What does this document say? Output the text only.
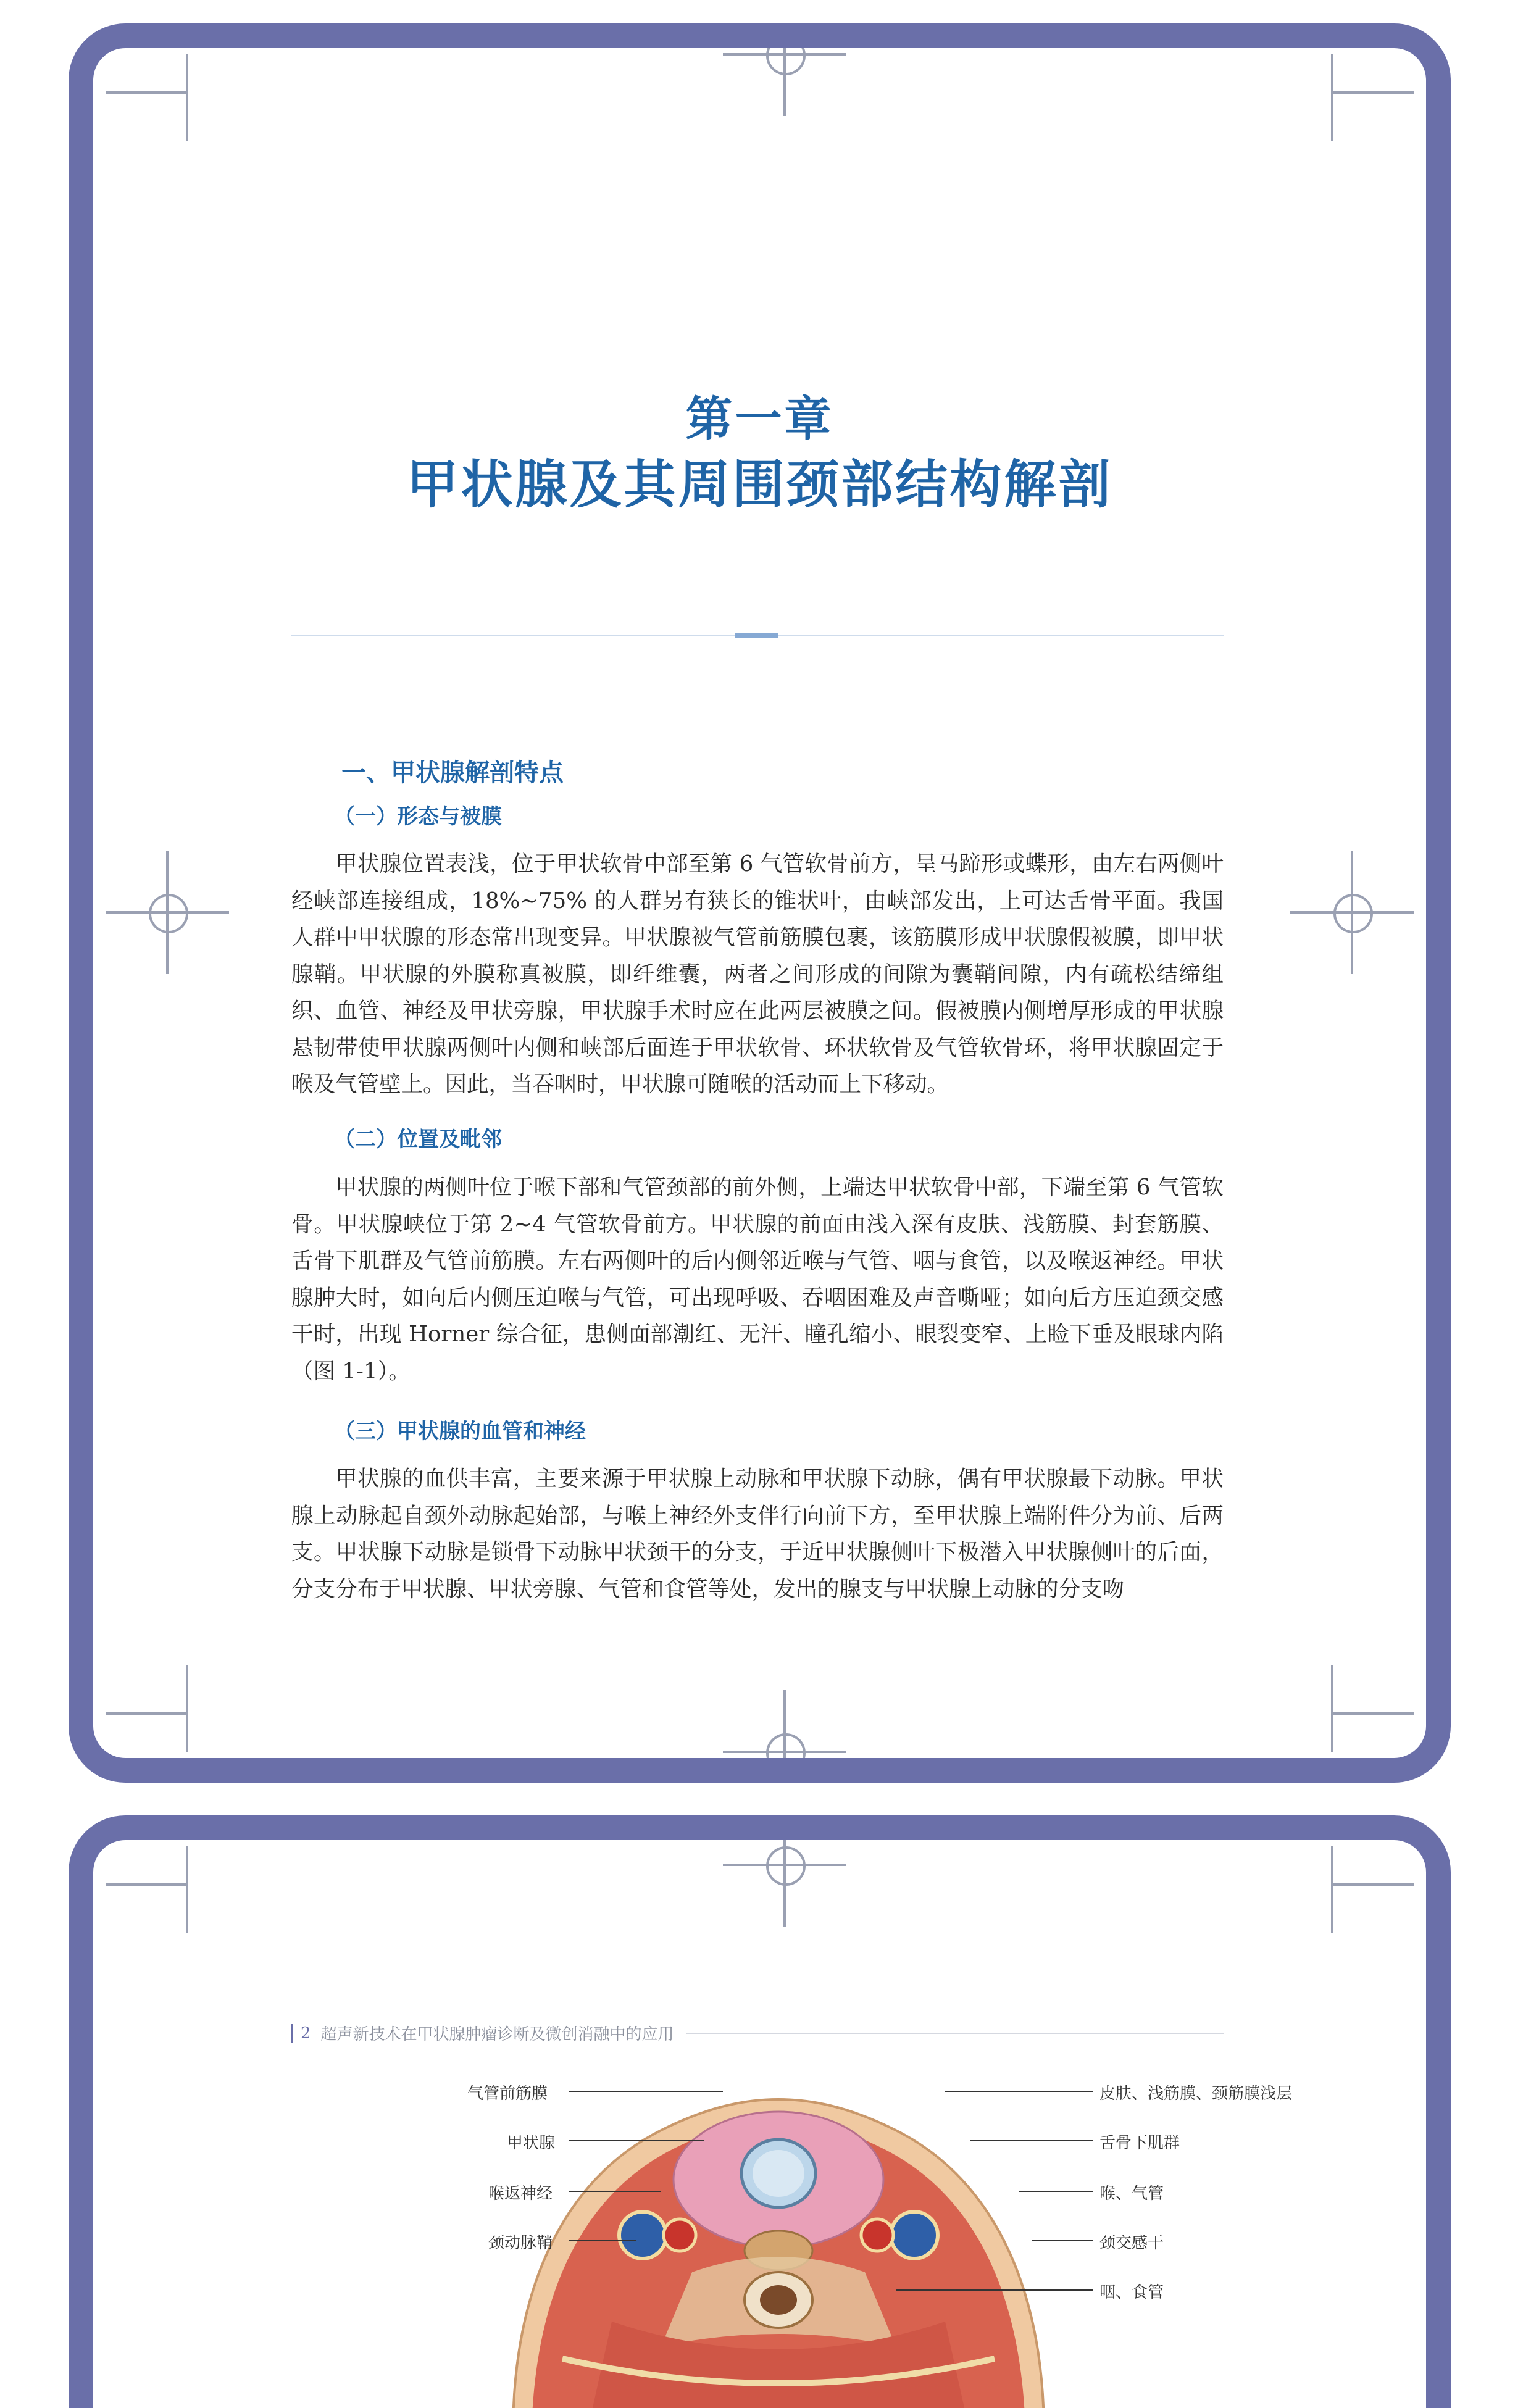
第一章
甲状腺及其周围颈部结构解剖
一、甲状腺解剖特点
（一）形态与被膜

甲状腺位置表浅，位于甲状软骨中部至第 6 气管软骨前方，呈马蹄形或蝶形，由左右两侧叶经峡部连接组成，18%~75% 的人群另有狭长的锥状叶，由峡部发出，上可达舌骨平面。我国人群中甲状腺的形态常出现变异。甲状腺被气管前筋膜包裹，该筋膜形成甲状腺假被膜，即甲状腺鞘。甲状腺的外膜称真被膜，即纤维囊，两者之间形成的间隙为囊鞘间隙，内有疏松结缔组织、血管、神经及甲状旁腺，甲状腺手术时应在此两层被膜之间。假被膜内侧增厚形成的甲状腺悬韧带使甲状腺两侧叶内侧和峡部后面连于甲状软骨、环状软骨及气管软骨环，将甲状腺固定于喉及气管壁上。因此，当吞咽时，甲状腺可随喉的活动而上下移动。

（二）位置及毗邻

甲状腺的两侧叶位于喉下部和气管颈部的前外侧，上端达甲状软骨中部，下端至第 6 气管软骨。甲状腺峡位于第 2~4 气管软骨前方。甲状腺的前面由浅入深有皮肤、浅筋膜、封套筋膜、舌骨下肌群及气管前筋膜。左右两侧叶的后内侧邻近喉与气管、咽与食管，以及喉返神经。甲状腺肿大时，如向后内侧压迫喉与气管，可出现呼吸、吞咽困难及声音嘶哑；如向后方压迫颈交感干时，出现 Horner 综合征，患侧面部潮红、无汗、瞳孔缩小、眼裂变窄、上睑下垂及眼球内陷（图 1-1）。

（三）甲状腺的血管和神经

甲状腺的血供丰富，主要来源于甲状腺上动脉和甲状腺下动脉，偶有甲状腺最下动脉。甲状腺上动脉起自颈外动脉起始部，与喉上神经外支伴行向前下方，至甲状腺上端附件分为前、后两支。甲状腺下动脉是锁骨下动脉甲状颈干的分支，于近甲状腺侧叶下极潜入甲状腺侧叶的后面，分支分布于甲状腺、甲状旁腺、气管和食管等处，发出的腺支与甲状腺上动脉的分支吻

2 超声新技术在甲状腺肿瘤诊断及微创消融中的应用
气管前筋膜
甲状腺
喉返神经
颈动脉鞘
皮肤、浅筋膜、颈筋膜浅层
舌骨下肌群
喉、气管
颈交感干
咽、食管
